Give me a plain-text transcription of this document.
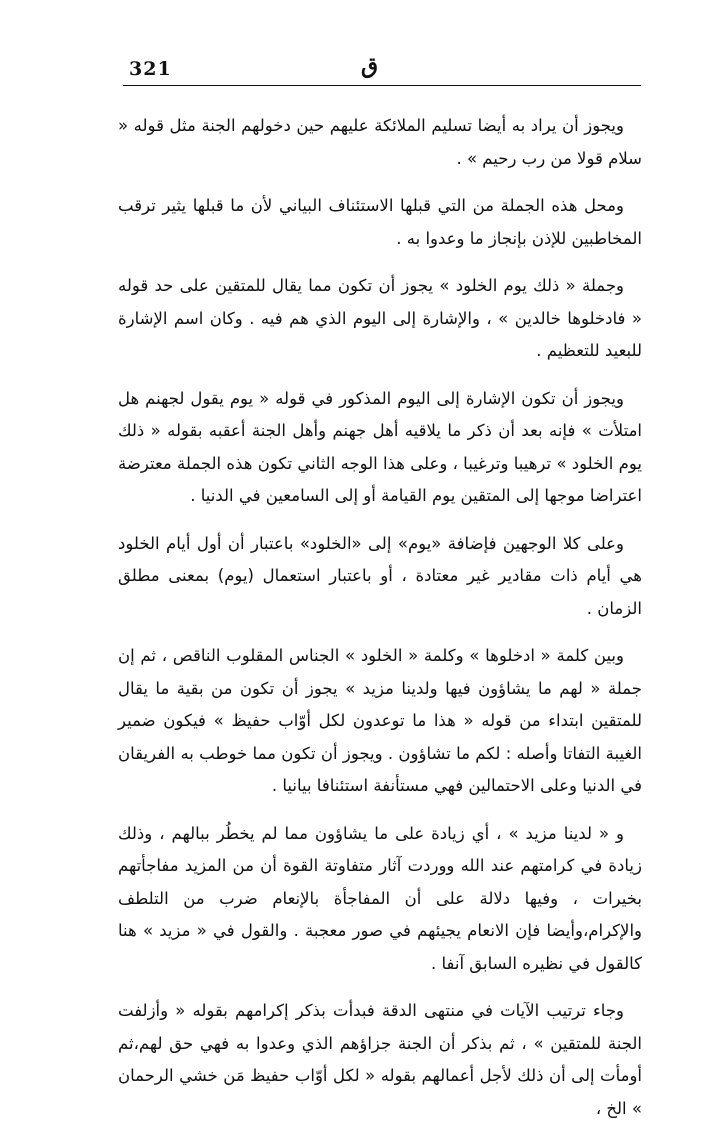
321	ق

ويجوز أن يراد به أيضا تسليم الملائكة عليهم حين دخولهم الجنة مثل قوله « سلام قولا من رب رحيم » .

ومحل هذه الجملة من التي قبلها الاستئناف البياني لأن ما قبلها يثير ترقب المخاطبين للإذن بإنجاز ما وعدوا به .

وجملة « ذلك يوم الخلود » يجوز أن تكون مما يقال للمتقين على حد قوله « فادخلوها خالدين » ، والإشارة إلى اليوم الذي هم فيه . وكان اسم الإشارة للبعيد للتعظيم .

ويجوز أن تكون الإشارة إلى اليوم المذكور في قوله « يوم يقول لجهنم هل امتلأت » فإنه بعد أن ذكر ما يلاقيه أهل جهنم وأهل الجنة أعقبه بقوله « ذلك يوم الخلود » ترهيبا وترغيبا ، وعلى هذا الوجه الثاني تكون هذه الجملة معترضة اعتراضا موجها إلى المتقين يوم القيامة أو إلى السامعين في الدنيا .

وعلى كلا الوجهين فإضافة «يوم» إلى «الخلود» باعتبار أن أول أيام الخلود هي أيام ذات مقادير غير معتادة ، أو باعتبار استعمال (يوم) بمعنى مطلق الزمان .

وبين كلمة « ادخلوها » وكلمة « الخلود » الجناس المقلوب الناقص ، ثم إن جملة « لهم ما يشاؤون فيها ولدينا مزيد » يجوز أن تكون من بقية ما يقال للمتقين ابتداء من قوله « هذا ما توعدون لكل أوّاب حفيظ » فيكون ضمير الغيبة التفاتا وأصله : لكم ما تشاؤون . ويجوز أن تكون مما خوطب به الفريقان في الدنيا وعلى الاحتمالين فهي مستأنفة استئنافا بيانيا .

و « لدينا مزيد » ، أي زيادة على ما يشاؤون مما لم يخطُر ببالهم ، وذلك زيادة في كرامتهم عند الله ووردت آثار متفاوتة القوة أن من المزيد مفاجأتهم بخيرات ، وفيها دلالة على أن المفاجأة بالإنعام ضرب من التلطف والإكرام،وأيضا فإن الانعام يجيئهم في صور معجبة . والقول في « مزيد » هنا كالقول في نظيره السابق آنفا .

وجاء ترتيب الآيات في منتهى الدقة فبدأت بذكر إكرامهم بقوله « وأزلفت الجنة للمتقين » ، ثم بذكر أن الجنة جزاؤهم الذي وعدوا به فهي حق لهم،ثم أومأت إلى أن ذلك لأجل أعمالهم بقوله « لكل أوّاب حفيظ مَن خشي الرحمان » الخ ،
